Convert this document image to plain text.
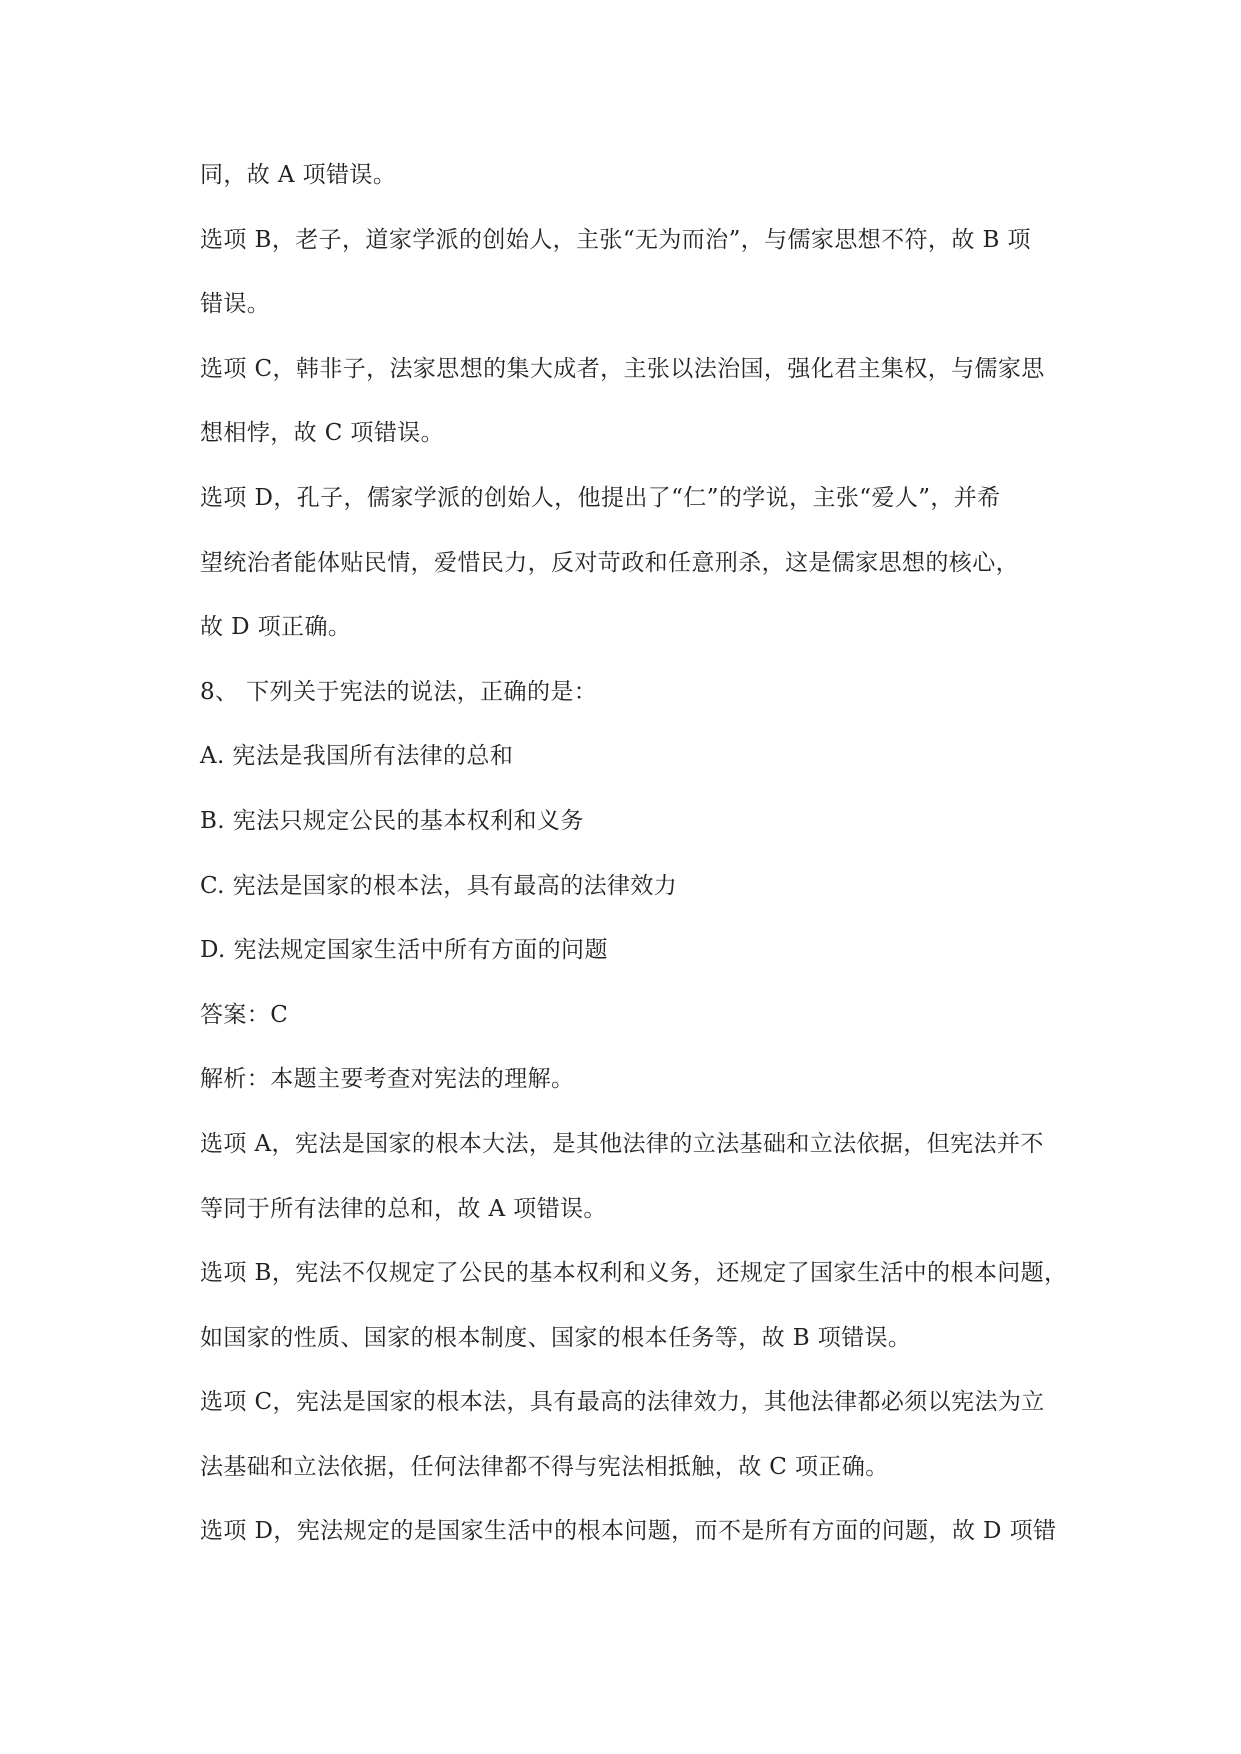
同，故 A 项错误。
选项 B，老子，道家学派的创始人，主张“无为而治”，与儒家思想不符，故 B 项
错误。
选项 C，韩非子，法家思想的集大成者，主张以法治国，强化君主集权，与儒家思
想相悖，故 C 项错误。
选项 D，孔子，儒家学派的创始人，他提出了“仁”的学说，主张“爱人”，并希
望统治者能体贴民情，爱惜民力，反对苛政和任意刑杀，这是儒家思想的核心，
故 D 项正确。
8、 下列关于宪法的说法，正确的是：
A. 宪法是我国所有法律的总和
B. 宪法只规定公民的基本权利和义务
C. 宪法是国家的根本法，具有最高的法律效力
D. 宪法规定国家生活中所有方面的问题
答案：C
解析：本题主要考查对宪法的理解。
选项 A，宪法是国家的根本大法，是其他法律的立法基础和立法依据，但宪法并不
等同于所有法律的总和，故 A 项错误。
选项 B，宪法不仅规定了公民的基本权利和义务，还规定了国家生活中的根本问题，
如国家的性质、国家的根本制度、国家的根本任务等，故 B 项错误。
选项 C，宪法是国家的根本法，具有最高的法律效力，其他法律都必须以宪法为立
法基础和立法依据，任何法律都不得与宪法相抵触，故 C 项正确。
选项 D，宪法规定的是国家生活中的根本问题，而不是所有方面的问题，故 D 项错
